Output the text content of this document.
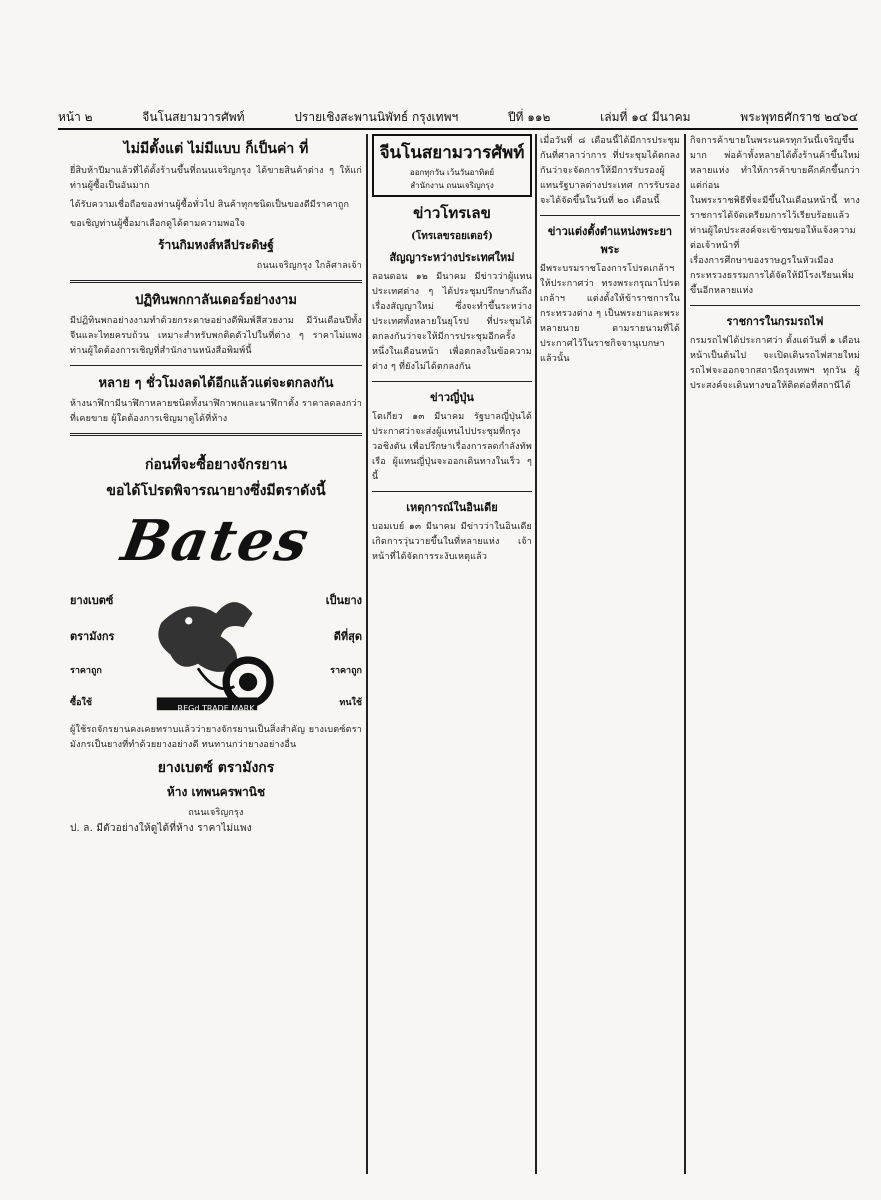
หน้า ๒	จีนโนสยามวารศัพท์	ปรายเชิงสะพานนิพัทธ์ กรุงเทพฯ	ปีที่ ๑๑๒	เล่มที่ ๑๔ มีนาคม	พระพุทธศักราช ๒๔๖๔
ไม่มีตั้งแต่ ไม่มีแบบ ก็เป็นค่า ที่

ยี่สิบห้าปีมาแล้วที่ได้ตั้งร้านขึ้นที่ถนนเจริญกรุง ได้ขายสินค้าต่าง ๆ ให้แก่ท่านผู้ซื้อเป็นอันมาก

ได้รับความเชื่อถือของท่านผู้ซื้อทั่วไป สินค้าทุกชนิดเป็นของดีมีราคาถูก

ขอเชิญท่านผู้ซื้อมาเลือกดูได้ตามความพอใจ

ร้านกิมหงส์หลีประดิษฐ์
ถนนเจริญกรุง ใกล้ศาลเจ้า
ปฏิทินพกกาลันเดอร์อย่างงาม
มีปฏิทินพกอย่างงามทำด้วยกระดาษอย่างดีพิมพ์สีสวยงาม มีวันเดือนปีทั้งจีนและไทยครบถ้วน เหมาะสำหรับพกติดตัวไปในที่ต่าง ๆ ราคาไม่แพง ท่านผู้ใดต้องการเชิญที่สำนักงานหนังสือพิมพ์นี้
หลาย ๆ ชั่วโมงลดได้อีกแล้วแต่จะตกลงกัน
ห้างนาฬิกามีนาฬิกาหลายชนิดทั้งนาฬิกาพกและนาฬิกาตั้ง ราคาลดลงกว่าที่เคยขาย ผู้ใดต้องการเชิญมาดูได้ที่ห้าง
ก่อนที่จะซื้อยางจักรยาน
ขอได้โปรดพิจารณายางซึ่งมีตราดังนี้
Bates
ยางเบตซ์
ตรามังกร
ราคาถูก
ซื้อใช้
เป็นยาง
ดีที่สุด
ราคาถูก
ทนใช้
REGd TRADE MARK
ผู้ใช้รถจักรยานคงเคยทราบแล้วว่ายางจักรยานเป็นสิ่งสำคัญ ยางเบตซ์ตรามังกรเป็นยางที่ทำด้วยยางอย่างดี ทนทานกว่ายางอย่างอื่น
ยางเบตซ์ ตรามังกร
ห้าง เทพนครพานิช
ถนนเจริญกรุง
ป. ล. มีตัวอย่างให้ดูได้ที่ห้าง ราคาไม่แพง
จีนโนสยามวารศัพท์
ออกทุกวัน เว้นวันอาทิตย์
สำนักงาน ถนนเจริญกรุง
ข่าวโทรเลข
(โทรเลขรอยเตอร์)
สัญญาระหว่างประเทศใหม่
ลอนดอน ๑๒ มีนาคม มีข่าวว่าผู้แทนประเทศต่าง ๆ ได้ประชุมปรึกษากันถึงเรื่องสัญญาใหม่ ซึ่งจะทำขึ้นระหว่างประเทศทั้งหลายในยุโรป ที่ประชุมได้ตกลงกันว่าจะให้มีการประชุมอีกครั้งหนึ่งในเดือนหน้า เพื่อตกลงในข้อความต่าง ๆ ที่ยังไม่ได้ตกลงกัน
ข่าวญี่ปุ่น
โตเกียว ๑๓ มีนาคม รัฐบาลญี่ปุ่นได้ประกาศว่าจะส่งผู้แทนไปประชุมที่กรุงวอชิงตัน เพื่อปรึกษาเรื่องการลดกำลังทัพเรือ ผู้แทนญี่ปุ่นจะออกเดินทางในเร็ว ๆ นี้
เหตุการณ์ในอินเดีย
บอมเบย์ ๑๓ มีนาคม มีข่าวว่าในอินเดียเกิดการวุ่นวายขึ้นในที่หลายแห่ง เจ้าหน้าที่ได้จัดการระงับเหตุแล้ว
เมื่อวันที่ ๘ เดือนนี้ได้มีการประชุมกันที่ศาลาว่าการ ที่ประชุมได้ตกลงกันว่าจะจัดการให้มีการรับรองผู้แทนรัฐบาลต่างประเทศ การรับรองจะได้จัดขึ้นในวันที่ ๒๐ เดือนนี้
ข่าวแต่งตั้งตำแหน่งพระยาพระ
มีพระบรมราชโองการโปรดเกล้าฯ ให้ประกาศว่า ทรงพระกรุณาโปรดเกล้าฯ แต่งตั้งให้ข้าราชการในกระทรวงต่าง ๆ เป็นพระยาและพระหลายนาย ตามรายนามที่ได้ประกาศไว้ในราชกิจจานุเบกษาแล้วนั้น
กิจการค้าขายในพระนครทุกวันนี้เจริญขึ้นมาก พ่อค้าทั้งหลายได้ตั้งร้านค้าขึ้นใหม่หลายแห่ง ทำให้การค้าขายคึกคักขึ้นกว่าแต่ก่อน
ในพระราชพิธีที่จะมีขึ้นในเดือนหน้านี้ ทางราชการได้จัดเตรียมการไว้เรียบร้อยแล้ว ท่านผู้ใดประสงค์จะเข้าชมขอให้แจ้งความต่อเจ้าหน้าที่
เรื่องการศึกษาของราษฎรในหัวเมือง กระทรวงธรรมการได้จัดให้มีโรงเรียนเพิ่มขึ้นอีกหลายแห่ง
ราชการในกรมรถไฟ
กรมรถไฟได้ประกาศว่า ตั้งแต่วันที่ ๑ เดือนหน้าเป็นต้นไป จะเปิดเดินรถไฟสายใหม่ รถไฟจะออกจากสถานีกรุงเทพฯ ทุกวัน ผู้ประสงค์จะเดินทางขอให้ติดต่อที่สถานีได้
